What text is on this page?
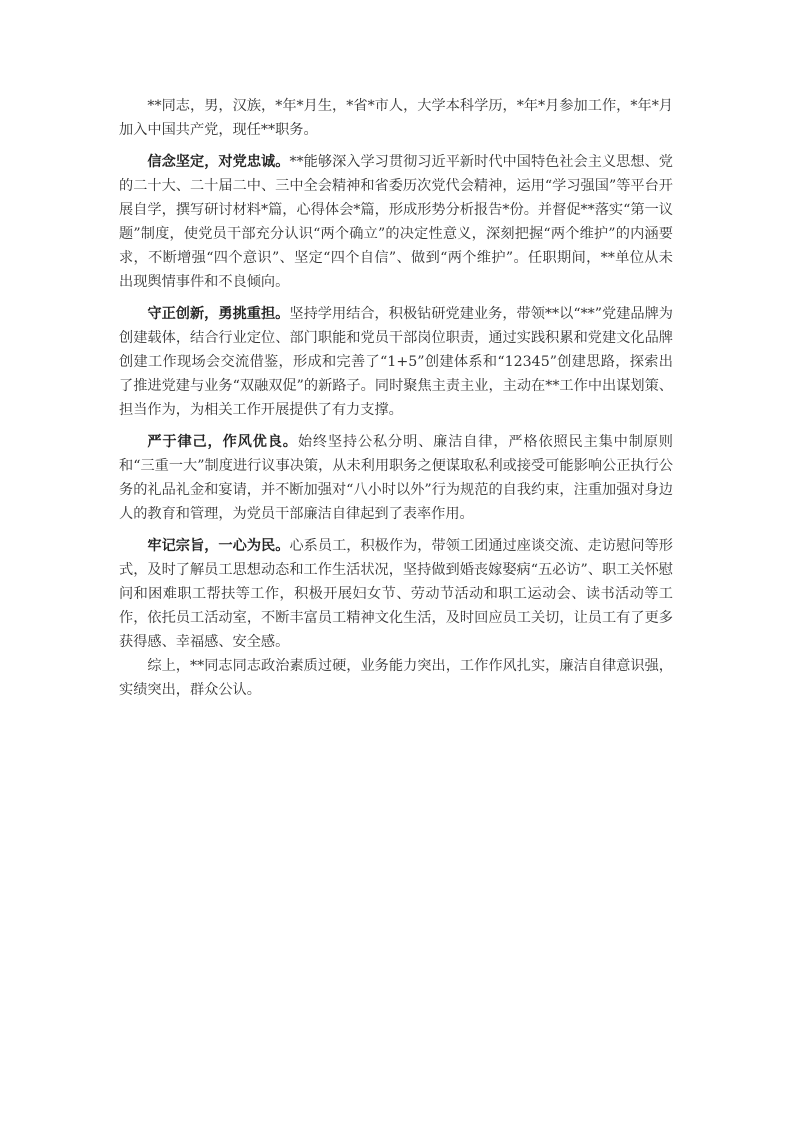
**同志，男，汉族，*年*月生，*省*市人，大学本科学历，*年*月参加工作，*年*月加入中国共产党，现任**职务。

信念坚定，对党忠诚。**能够深入学习贯彻习近平新时代中国特色社会主义思想、党的二十大、二十届二中、三中全会精神和省委历次党代会精神，运用“学习强国”等平台开展自学，撰写研讨材料*篇，心得体会*篇，形成形势分析报告*份。并督促**落实“第一议题”制度，使党员干部充分认识“两个确立”的决定性意义，深刻把握“两个维护”的内涵要求，不断增强“四个意识”、坚定“四个自信”、做到“两个维护”。任职期间，**单位从未出现舆情事件和不良倾向。

守正创新，勇挑重担。坚持学用结合，积极钻研党建业务，带领**以“**”党建品牌为创建载体，结合行业定位、部门职能和党员干部岗位职责，通过实践积累和党建文化品牌创建工作现场会交流借鉴，形成和完善了“1+5”创建体系和“12345”创建思路，探索出了推进党建与业务“双融双促”的新路子。同时聚焦主责主业，主动在**工作中出谋划策、担当作为，为相关工作开展提供了有力支撑。

严于律己，作风优良。始终坚持公私分明、廉洁自律，严格依照民主集中制原则和“三重一大”制度进行议事决策，从未利用职务之便谋取私利或接受可能影响公正执行公务的礼品礼金和宴请，并不断加强对“八小时以外”行为规范的自我约束，注重加强对身边人的教育和管理，为党员干部廉洁自律起到了表率作用。

牢记宗旨，一心为民。心系员工，积极作为，带领工团通过座谈交流、走访慰问等形式，及时了解员工思想动态和工作生活状况，坚持做到婚丧嫁娶病“五必访”、职工关怀慰问和困难职工帮扶等工作，积极开展妇女节、劳动节活动和职工运动会、读书活动等工作，依托员工活动室，不断丰富员工精神文化生活，及时回应员工关切，让员工有了更多获得感、幸福感、安全感。

综上，**同志同志政治素质过硬，业务能力突出，工作作风扎实，廉洁自律意识强，实绩突出，群众公认。
